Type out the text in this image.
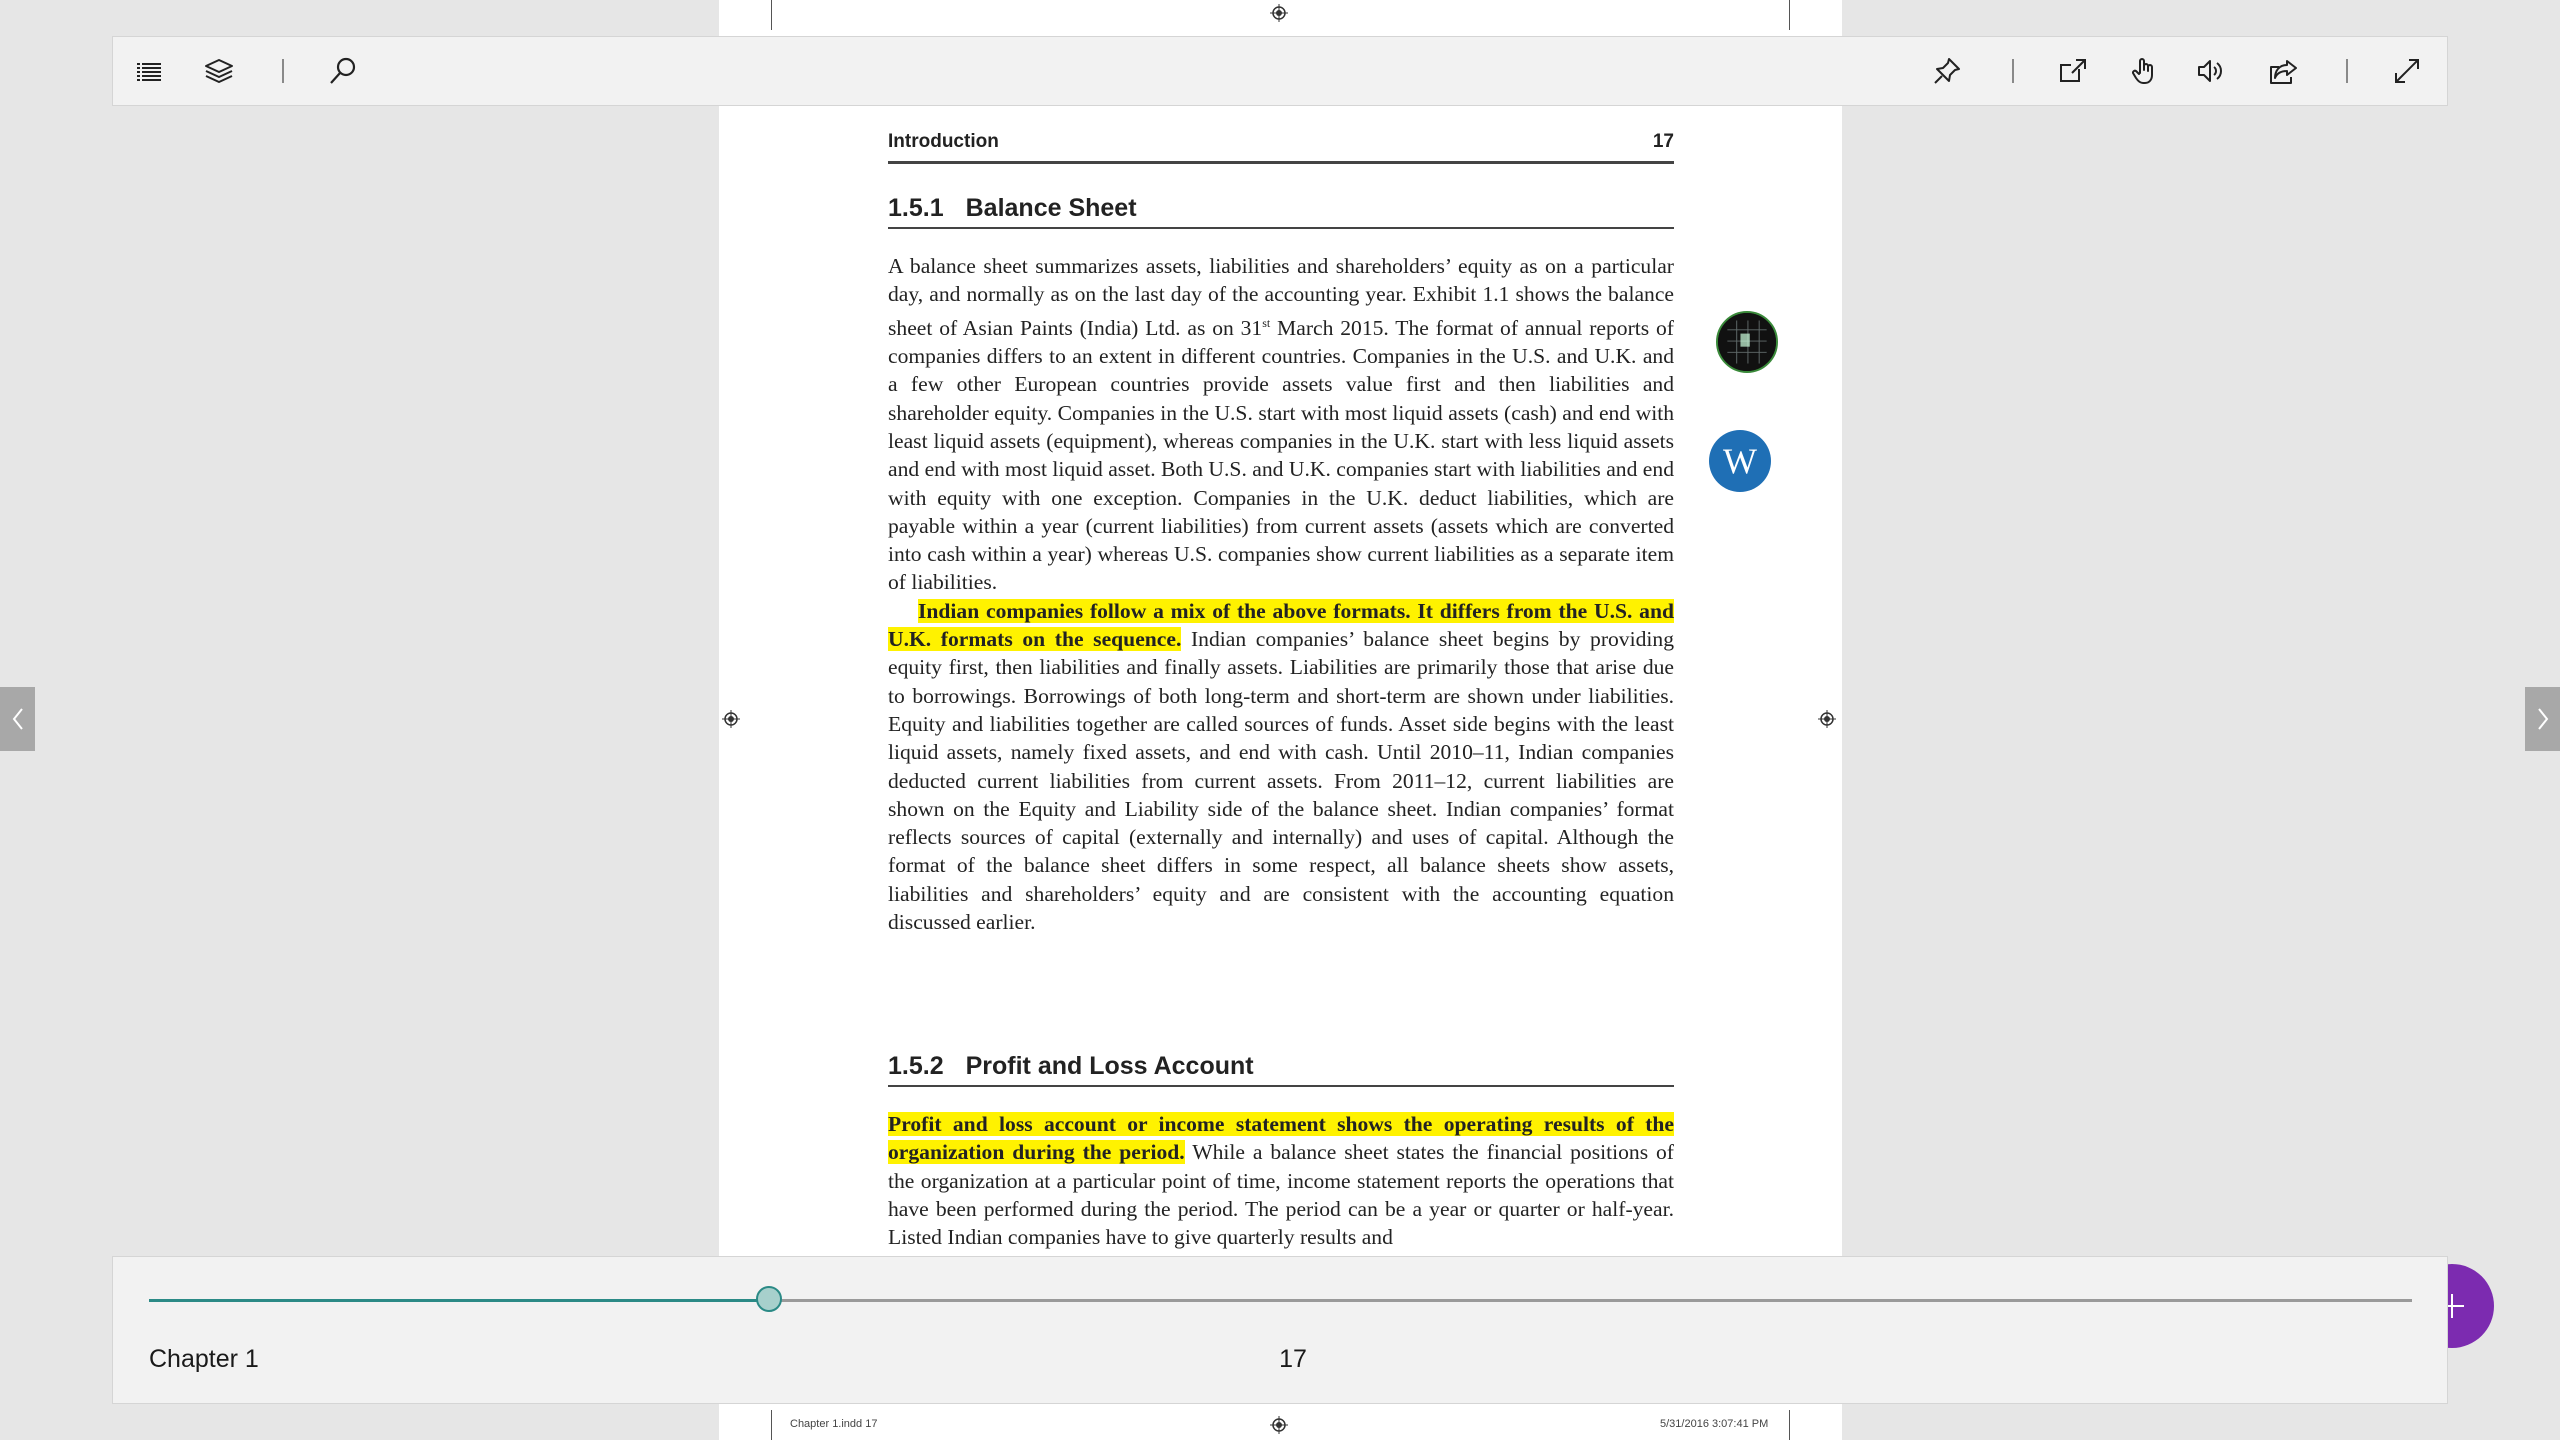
Introduction	17
1.5.1 Balance Sheet

A balance sheet summarizes assets, liabilities and shareholders’ equity as on a particular day, and normally as on the last day of the accounting year. Exhibit 1.1 shows the balance sheet of Asian Paints (India) Ltd. as on 31st March 2015. The format of annual reports of companies differs to an extent in different countries. Companies in the U.S. and U.K. and a few other European countries provide assets value first and then liabilities and shareholder equity. Companies in the U.S. start with most liquid assets (cash) and end with least liquid assets (equipment), whereas companies in the U.K. start with less liquid assets and end with most liquid asset. Both U.S. and U.K. companies start with liabilities and end with equity with one exception. Companies in the U.K. deduct liabilities, which are payable within a year (current liabilities) from current assets (assets which are converted into cash within a year) whereas U.S. companies show current liabilities as a separate item of liabilities.

Indian companies follow a mix of the above formats. It differs from the U.S. and U.K. formats on the sequence. Indian companies’ balance sheet begins by providing equity first, then liabilities and finally assets. Liabilities are primarily those that arise due to borrowings. Borrowings of both long-term and short-term are shown under liabilities. Equity and liabilities together are called sources of funds. Asset side begins with the least liquid assets, namely fixed assets, and end with cash. Until 2010–11, Indian companies deducted current liabilities from current assets. From 2011–12, current liabilities are shown on the Equity and Liability side of the balance sheet. Indian companies’ format reflects sources of capital (externally and internally) and uses of capital. Although the format of the balance sheet differs in some respect, all balance sheets show assets, liabilities and shareholders’ equity and are consistent with the accounting equation discussed earlier.

1.5.2 Profit and Loss Account

Profit and loss account or income statement shows the operating results of the organization during the period. While a balance sheet states the financial positions of the organization at a particular point of time, income statement reports the operations that have been performed during the period. The period can be a year or quarter or half-year. Listed Indian companies have to give quarterly results and

Chapter 1.indd 17	5/31/2016 3:07:41 PM
W
Chapter 1	17
